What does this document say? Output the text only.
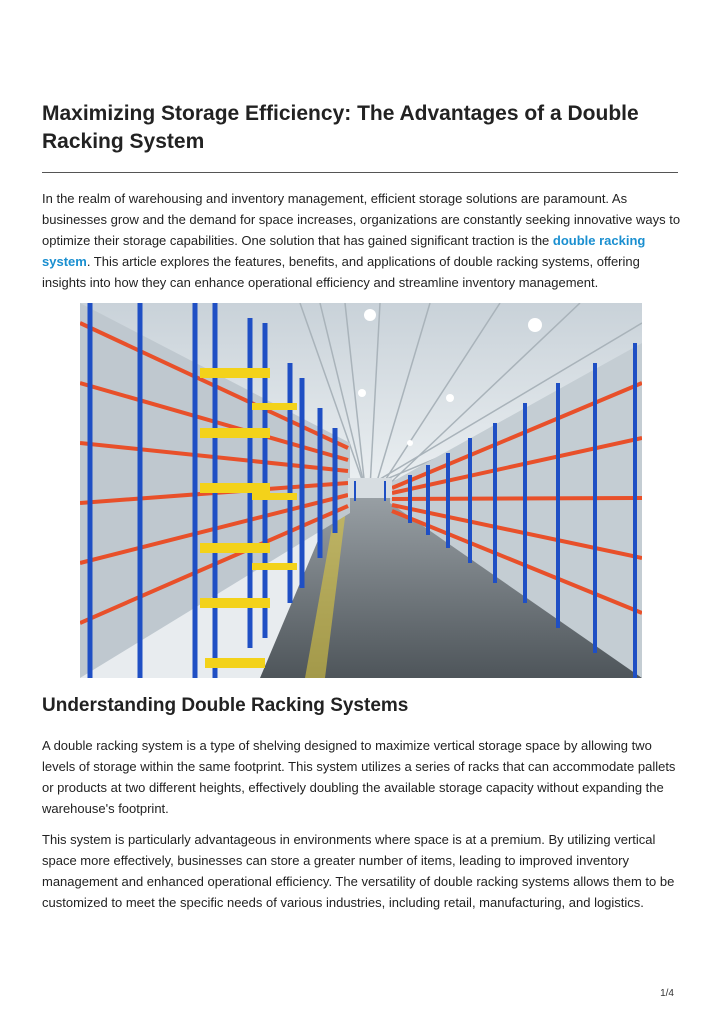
Maximizing Storage Efficiency: The Advantages of a Double Racking System

In the realm of warehousing and inventory management, efficient storage solutions are paramount. As businesses grow and the demand for space increases, organizations are constantly seeking innovative ways to optimize their storage capabilities. One solution that has gained significant traction is the double racking system. This article explores the features, benefits, and applications of double racking systems, offering insights into how they can enhance operational efficiency and streamline inventory management.

Understanding Double Racking Systems

A double racking system is a type of shelving designed to maximize vertical storage space by allowing two levels of storage within the same footprint. This system utilizes a series of racks that can accommodate pallets or products at two different heights, effectively doubling the available storage capacity without expanding the warehouse's footprint.

This system is particularly advantageous in environments where space is at a premium. By utilizing vertical space more effectively, businesses can store a greater number of items, leading to improved inventory management and enhanced operational efficiency. The versatility of double racking systems allows them to be customized to meet the specific needs of various industries, including retail, manufacturing, and logistics.

1/4
